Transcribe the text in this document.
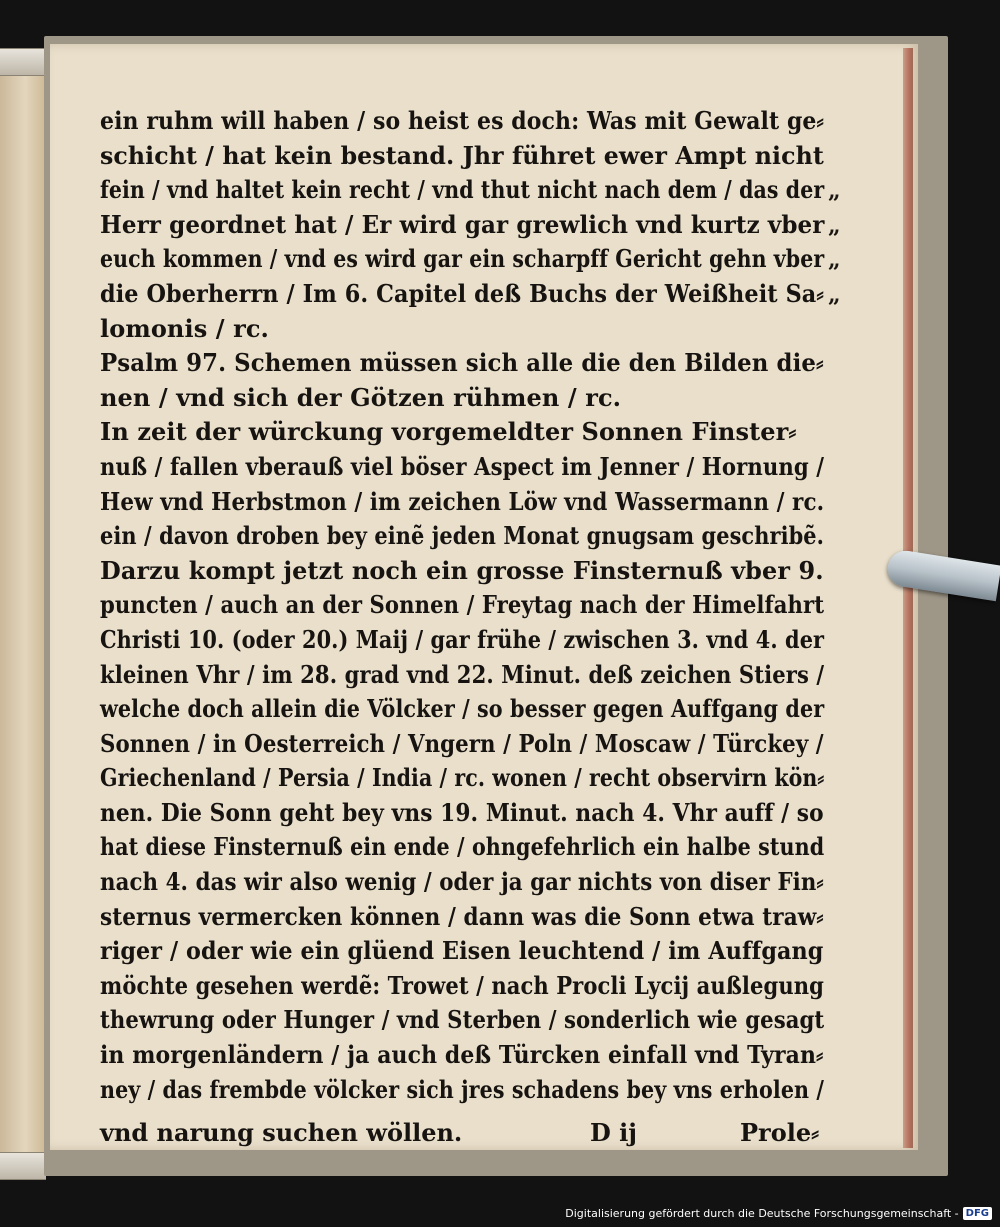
ein ruhm will haben / so heist es doch: Was mit Gewalt ge⸗
schicht / hat kein bestand. Jhr führet ewer Ampt nicht
fein / vnd haltet kein recht / vnd thut nicht nach dem / das der
Herr geordnet hat / Er wird gar grewlich vnd kurtz vber
euch kommen / vnd es wird gar ein scharpff Gericht gehn vber
die Oberherrn / Im 6. Capitel deß Buchs der Weißheit Sa⸗
lomonis / rc.
Psalm 97. Schemen müssen sich alle die den Bilden die⸗
nen / vnd sich der Götzen rühmen / rc.
In zeit der würckung vorgemeldter Sonnen Finster⸗
nuß / fallen vberauß viel böser Aspect im Jenner / Hornung /
Hew vnd Herbstmon / im zeichen Löw vnd Wassermann / rc.
ein / davon droben bey einẽ jeden Monat gnugsam geschribẽ.
Darzu kompt jetzt noch ein grosse Finsternuß vber 9.
puncten / auch an der Sonnen / Freytag nach der Himelfahrt
Christi 10. (oder 20.) Maij / gar frühe / zwischen 3. vnd 4. der
kleinen Vhr / im 28. grad vnd 22. Minut. deß zeichen Stiers /
welche doch allein die Völcker / so besser gegen Auffgang der
Sonnen / in Oesterreich / Vngern / Poln / Moscaw / Türckey /
Griechenland / Persia / India / rc. wonen / recht observirn kön⸗
nen. Die Sonn geht bey vns 19. Minut. nach 4. Vhr auff / so
hat diese Finsternuß ein ende / ohngefehrlich ein halbe stund
nach 4. das wir also wenig / oder ja gar nichts von diser Fin⸗
sternus vermercken können / dann was die Sonn etwa traw⸗
riger / oder wie ein glüend Eisen leuchtend / im Auffgang
möchte gesehen werdẽ: Trowet / nach Procli Lycij außlegung
thewrung oder Hunger / vnd Sterben / sonderlich wie gesagt
in morgenländern / ja auch deß Türcken einfall vnd Tyran⸗
ney / das frembde völcker sich jres schadens bey vns erholen /
„
„
„
„
vnd narung suchen wöllen.	D ij	Prole⸗
Digitalisierung gefördert durch die Deutsche Forschungsgemeinschaft - DFG
